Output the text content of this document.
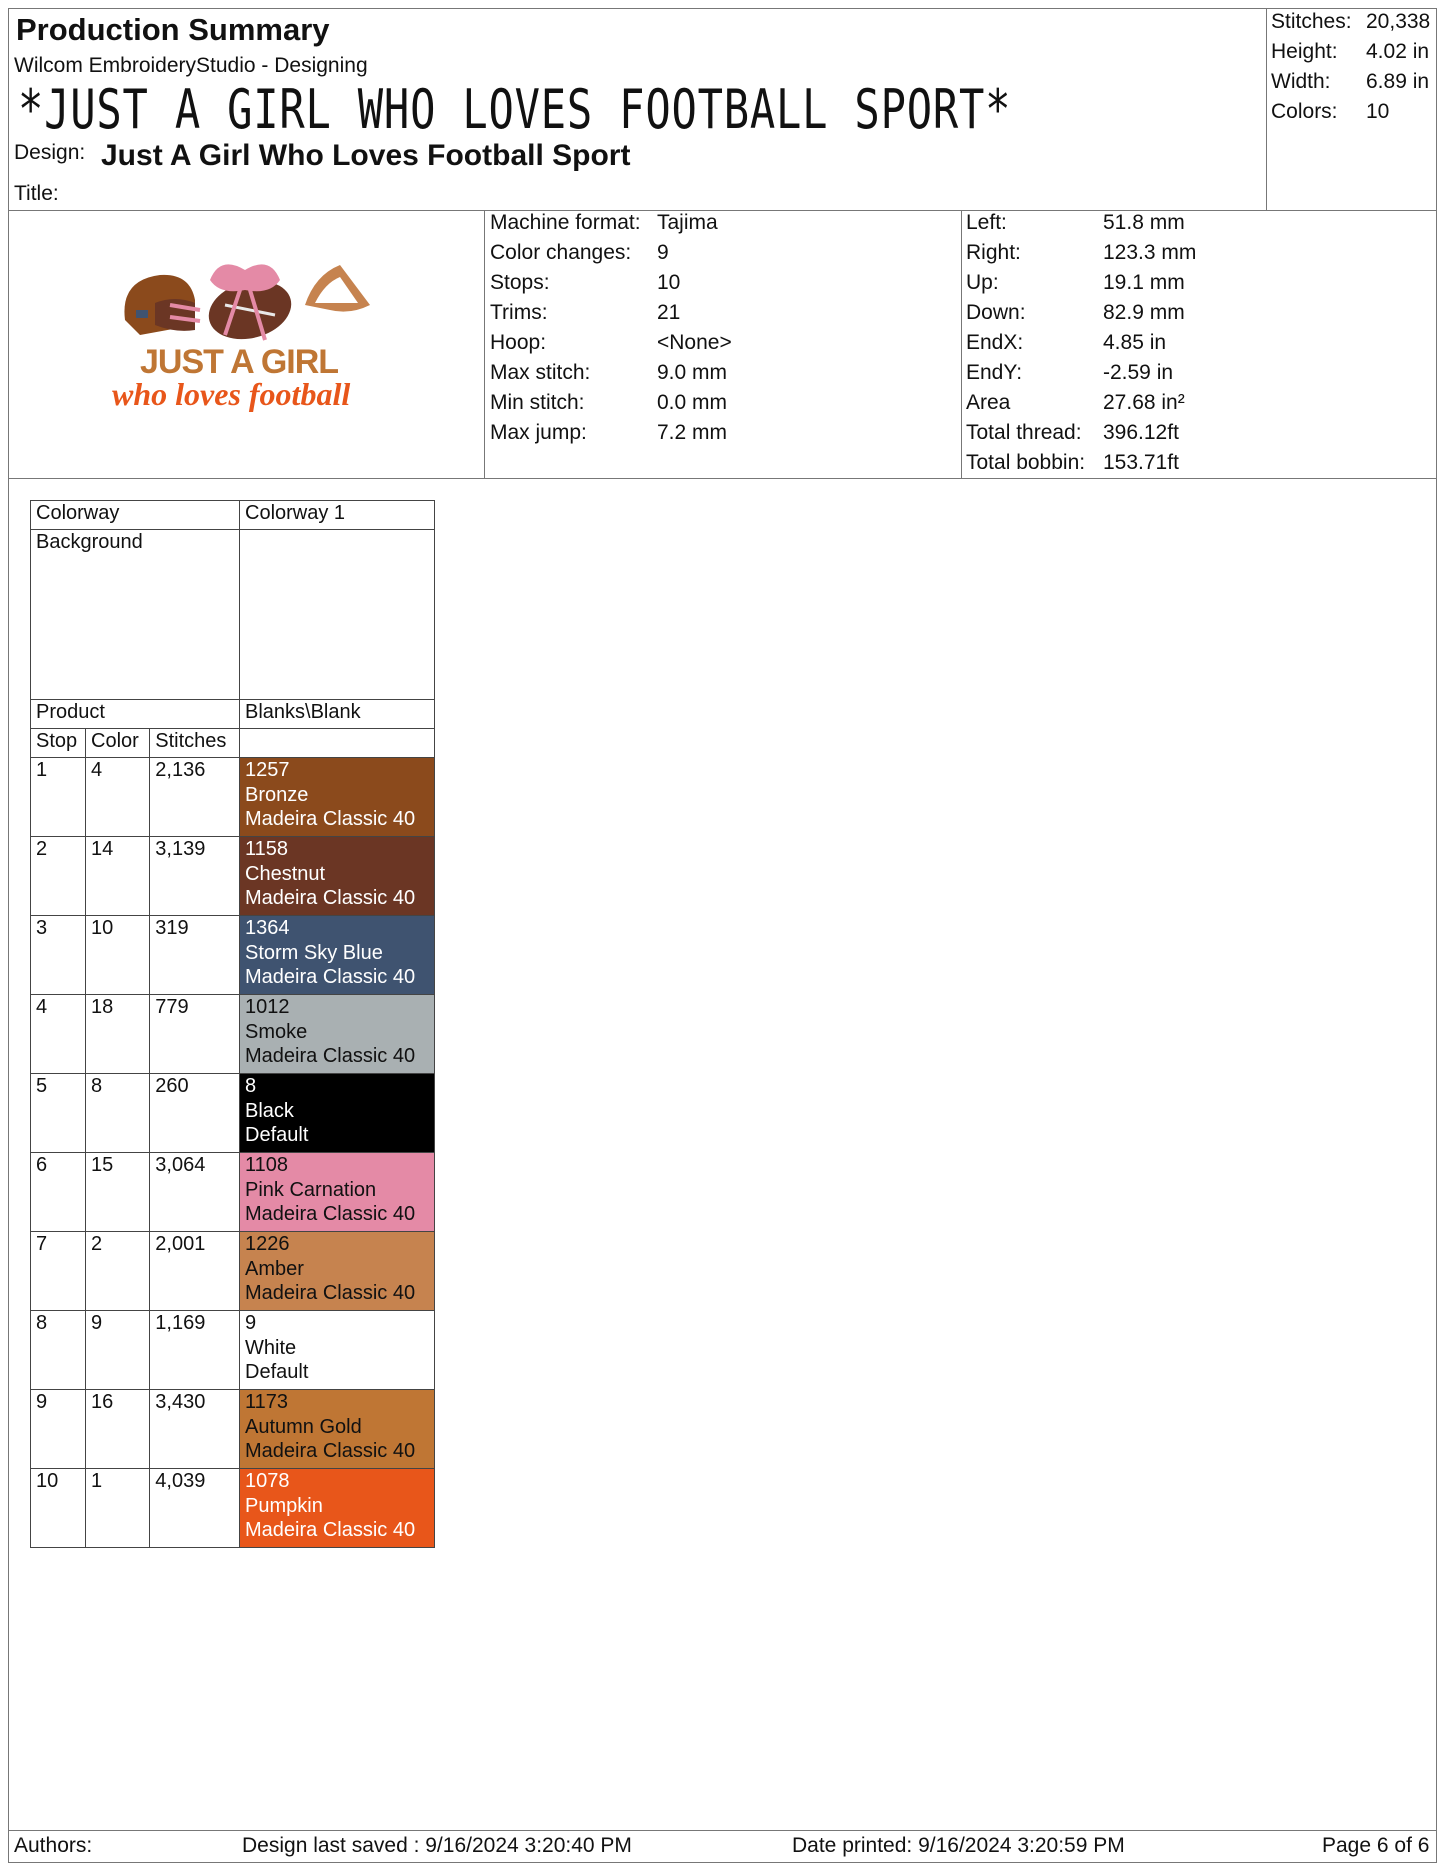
Production Summary
Wilcom EmbroideryStudio - Designing
*JUST A GIRL WHO LOVES FOOTBALL SPORT*
Design: Just A Girl Who Loves Football Sport
Title:
JUST A GIRL
who loves football
Colorway			Colorway 1
Background			
Product			Blanks\Blank
Stop	Color	Stitches	
1	4	2,136	1257
Bronze
Madeira Classic 40

2	14	3,139	1158
Chestnut
Madeira Classic 40

3	10	319	1364
Storm Sky Blue
Madeira Classic 40

4	18	779	1012
Smoke
Madeira Classic 40

5	8	260	8
Black
Default

6	15	3,064	1108
Pink Carnation
Madeira Classic 40

7	2	2,001	1226
Amber
Madeira Classic 40

8	9	1,169	9
White
Default

9	16	3,430	1173
Autumn Gold
Madeira Classic 40

10	1	4,039	1078
Pumpkin
Madeira Classic 40
Authors:	Design last saved : 9/16/2024 3:20:40 PM	Date printed: 9/16/2024 3:20:59 PM	Page 6 of 6
Stitches: 20,338
Height: 4.02 in
Width: 6.89 in
Colors: 10
Machine format: Tajima
Color changes: 9
Stops:	10
Trims:	21
Hoop:	<None>
Max stitch:	9.0 mm
Min stitch:	0.0 mm
Max jump:	7.2 mm
Left:	51.8 mm
Right:	123.3 mm
Up:	19.1 mm
Down:	82.9 mm
EndX:	4.85 in
EndY:	-2.59 in
Area	27.68 in²
Total thread: 396.12ft
Total bobbin: 153.71ft
